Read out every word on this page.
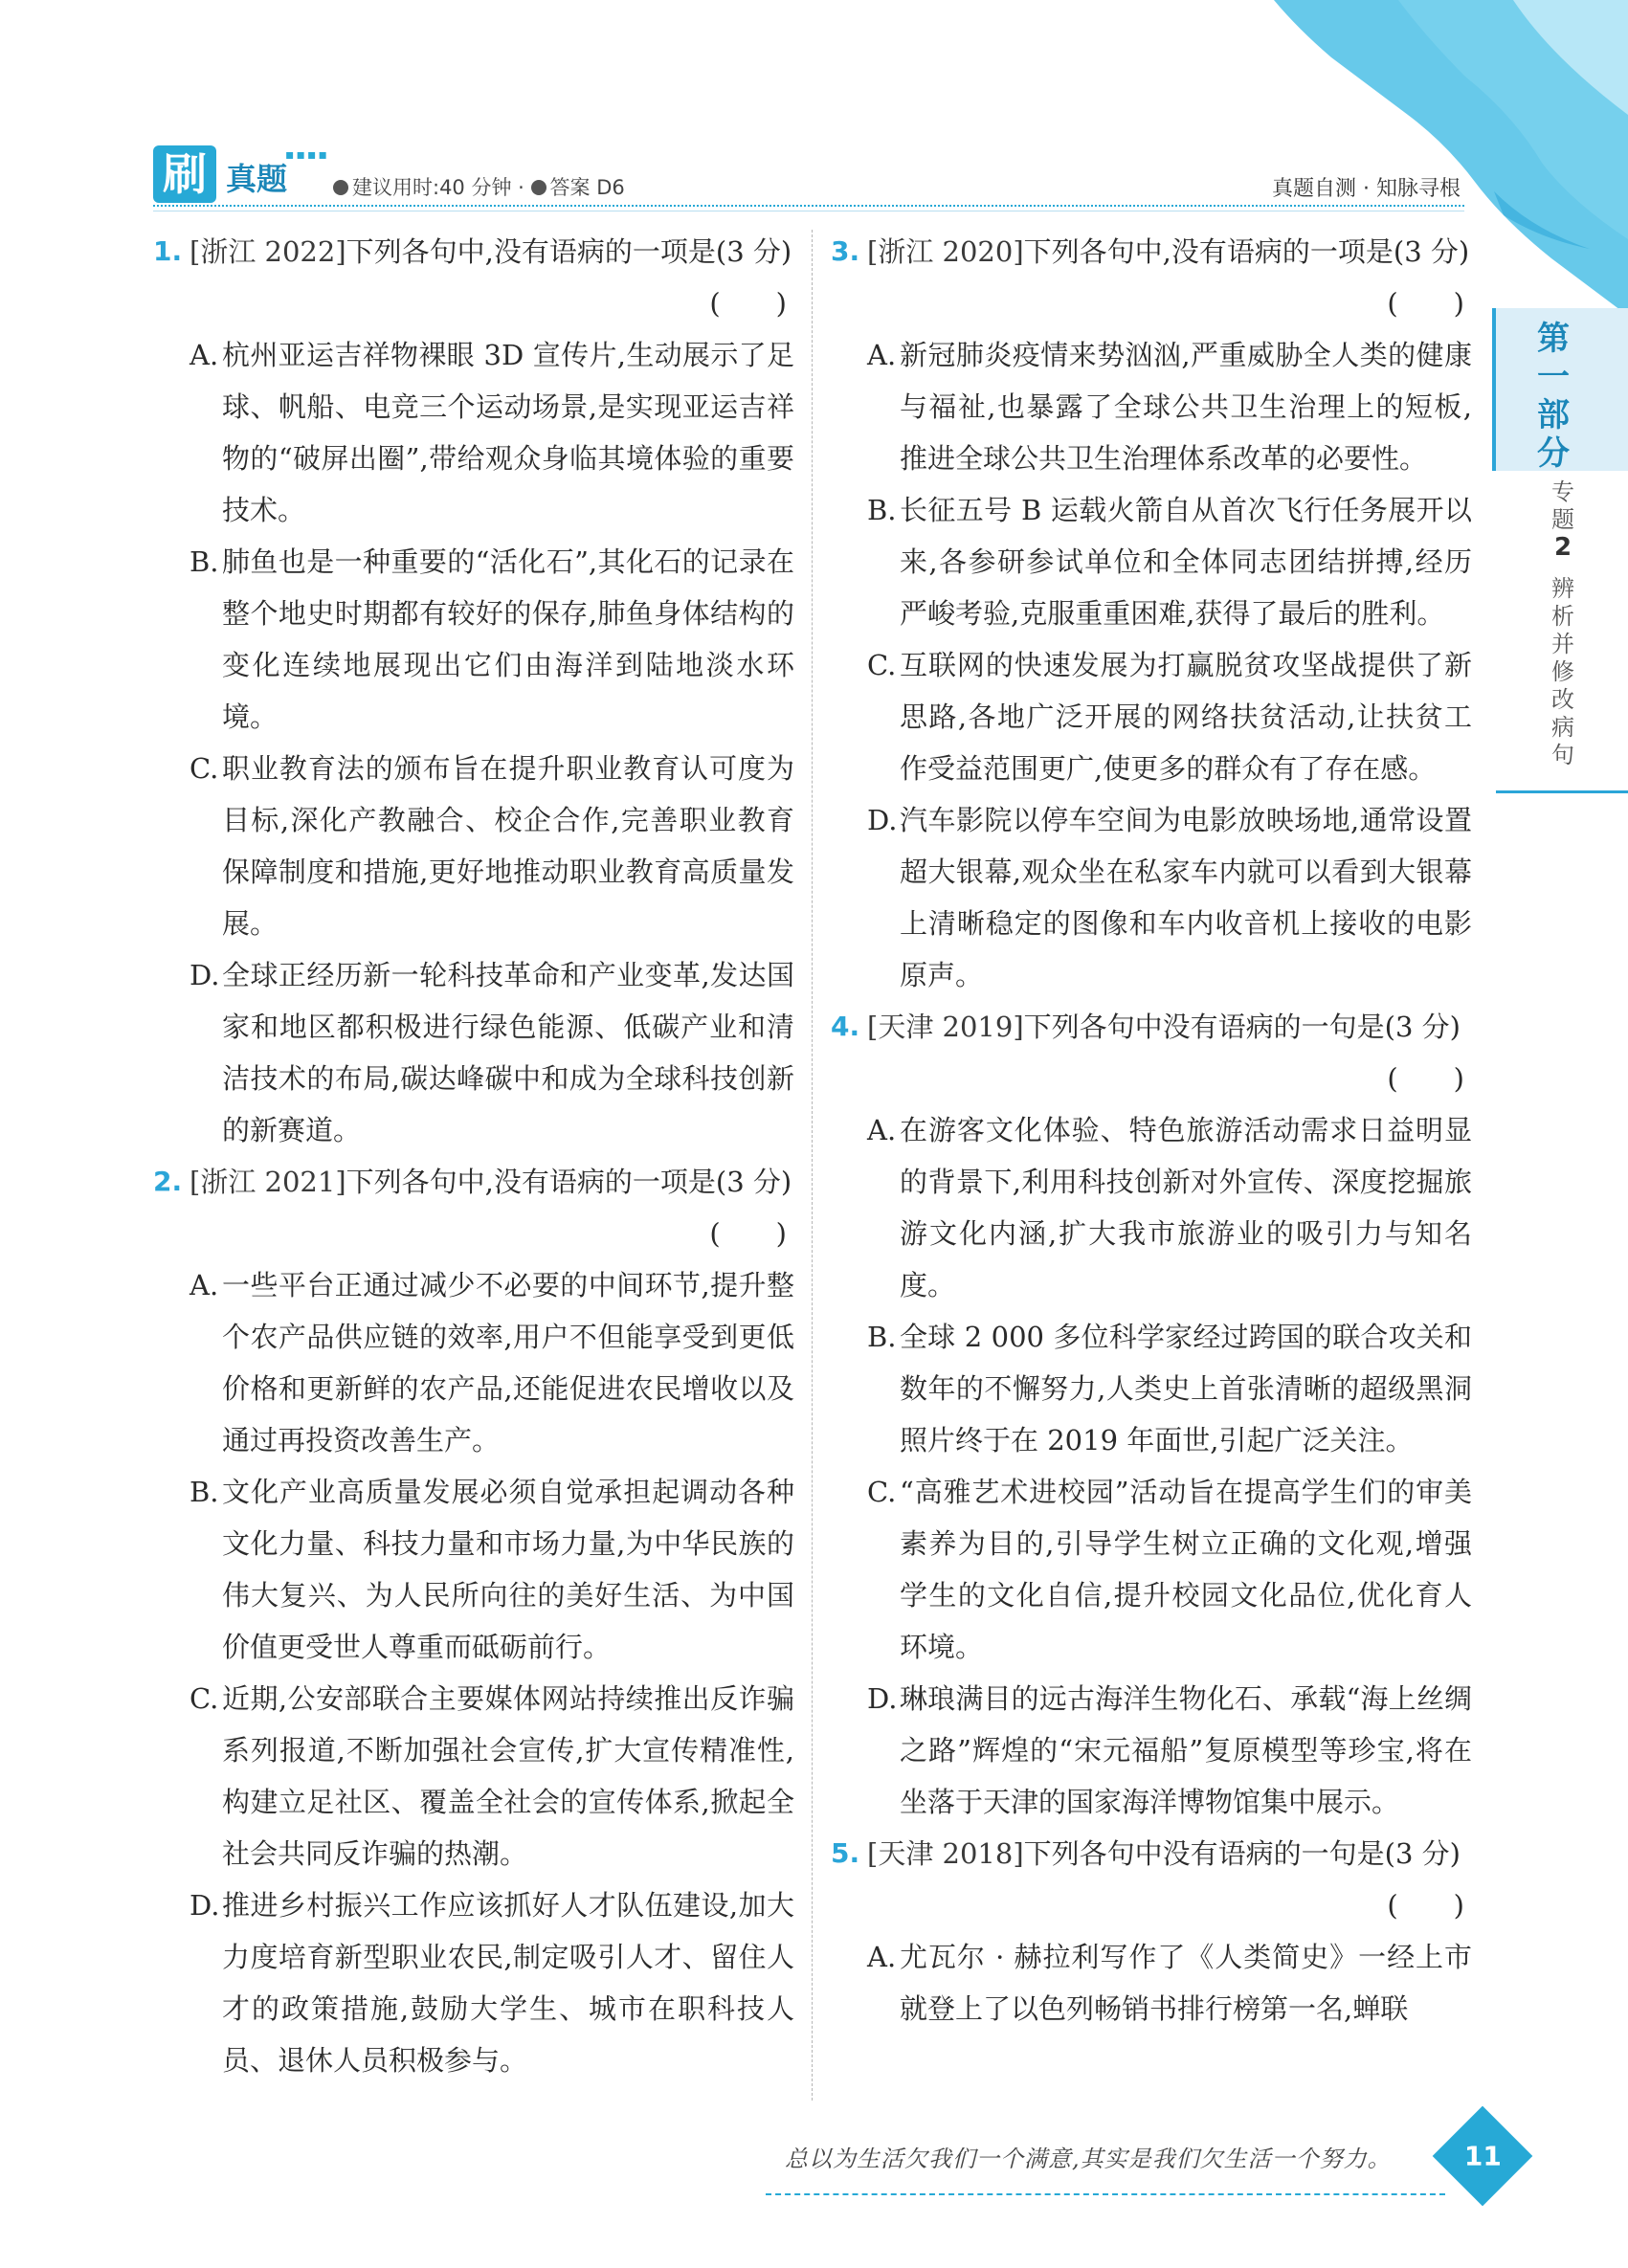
刷 真题
▪▪▪▪
建议用时:40 分钟 · 答案 D6	真题自测 · 知脉寻根
1. [浙江 2022]下列各句中,没有语病的一项是(3 分)
(　　)
A. 杭州亚运吉祥物裸眼 3D 宣传片,生动展示了足球、帆船、电竞三个运动场景,是实现亚运吉祥物的“破屏出圈”,带给观众身临其境体验的重要技术。
B. 肺鱼也是一种重要的“活化石”,其化石的记录在整个地史时期都有较好的保存,肺鱼身体结构的变化连续地展现出它们由海洋到陆地淡水环境。
C. 职业教育法的颁布旨在提升职业教育认可度为目标,深化产教融合、校企合作,完善职业教育保障制度和措施,更好地推动职业教育高质量发展。
D. 全球正经历新一轮科技革命和产业变革,发达国家和地区都积极进行绿色能源、低碳产业和清洁技术的布局,碳达峰碳中和成为全球科技创新的新赛道。
2. [浙江 2021]下列各句中,没有语病的一项是(3 分)
(　　)
A. 一些平台正通过减少不必要的中间环节,提升整个农产品供应链的效率,用户不但能享受到更低价格和更新鲜的农产品,还能促进农民增收以及通过再投资改善生产。
B. 文化产业高质量发展必须自觉承担起调动各种文化力量、科技力量和市场力量,为中华民族的伟大复兴、为人民所向往的美好生活、为中国价值更受世人尊重而砥砺前行。
C. 近期,公安部联合主要媒体网站持续推出反诈骗系列报道,不断加强社会宣传,扩大宣传精准性,构建立足社区、覆盖全社会的宣传体系,掀起全社会共同反诈骗的热潮。
D. 推进乡村振兴工作应该抓好人才队伍建设,加大力度培育新型职业农民,制定吸引人才、留住人才的政策措施,鼓励大学生、城市在职科技人员、退休人员积极参与。
3. [浙江 2020]下列各句中,没有语病的一项是(3 分)
(　　)
A. 新冠肺炎疫情来势汹汹,严重威胁全人类的健康与福祉,也暴露了全球公共卫生治理上的短板,推进全球公共卫生治理体系改革的必要性。
B. 长征五号 B 运载火箭自从首次飞行任务展开以来,各参研参试单位和全体同志团结拼搏,经历严峻考验,克服重重困难,获得了最后的胜利。
C. 互联网的快速发展为打赢脱贫攻坚战提供了新思路,各地广泛开展的网络扶贫活动,让扶贫工作受益范围更广,使更多的群众有了存在感。
D. 汽车影院以停车空间为电影放映场地,通常设置超大银幕,观众坐在私家车内就可以看到大银幕上清晰稳定的图像和车内收音机上接收的电影原声。
4. [天津 2019]下列各句中没有语病的一句是(3 分)
(　　)
A. 在游客文化体验、特色旅游活动需求日益明显的背景下,利用科技创新对外宣传、深度挖掘旅游文化内涵,扩大我市旅游业的吸引力与知名度。
B. 全球 2 000 多位科学家经过跨国的联合攻关和数年的不懈努力,人类史上首张清晰的超级黑洞照片终于在 2019 年面世,引起广泛关注。
C. “高雅艺术进校园”活动旨在提高学生们的审美素养为目的,引导学生树立正确的文化观,增强学生的文化自信,提升校园文化品位,优化育人环境。
D. 琳琅满目的远古海洋生物化石、承载“海上丝绸之路”辉煌的“宋元福船”复原模型等珍宝,将在坐落于天津的国家海洋博物馆集中展示。
5. [天津 2018]下列各句中没有语病的一句是(3 分)
(　　)
A. 尤瓦尔 · 赫拉利写作了《人类简史》一经上市就登上了以色列畅销书排行榜第一名,蝉联
第一部分
专题
2
辨析并修改病句
总以为生活欠我们一个满意,其实是我们欠生活一个努力。	11
